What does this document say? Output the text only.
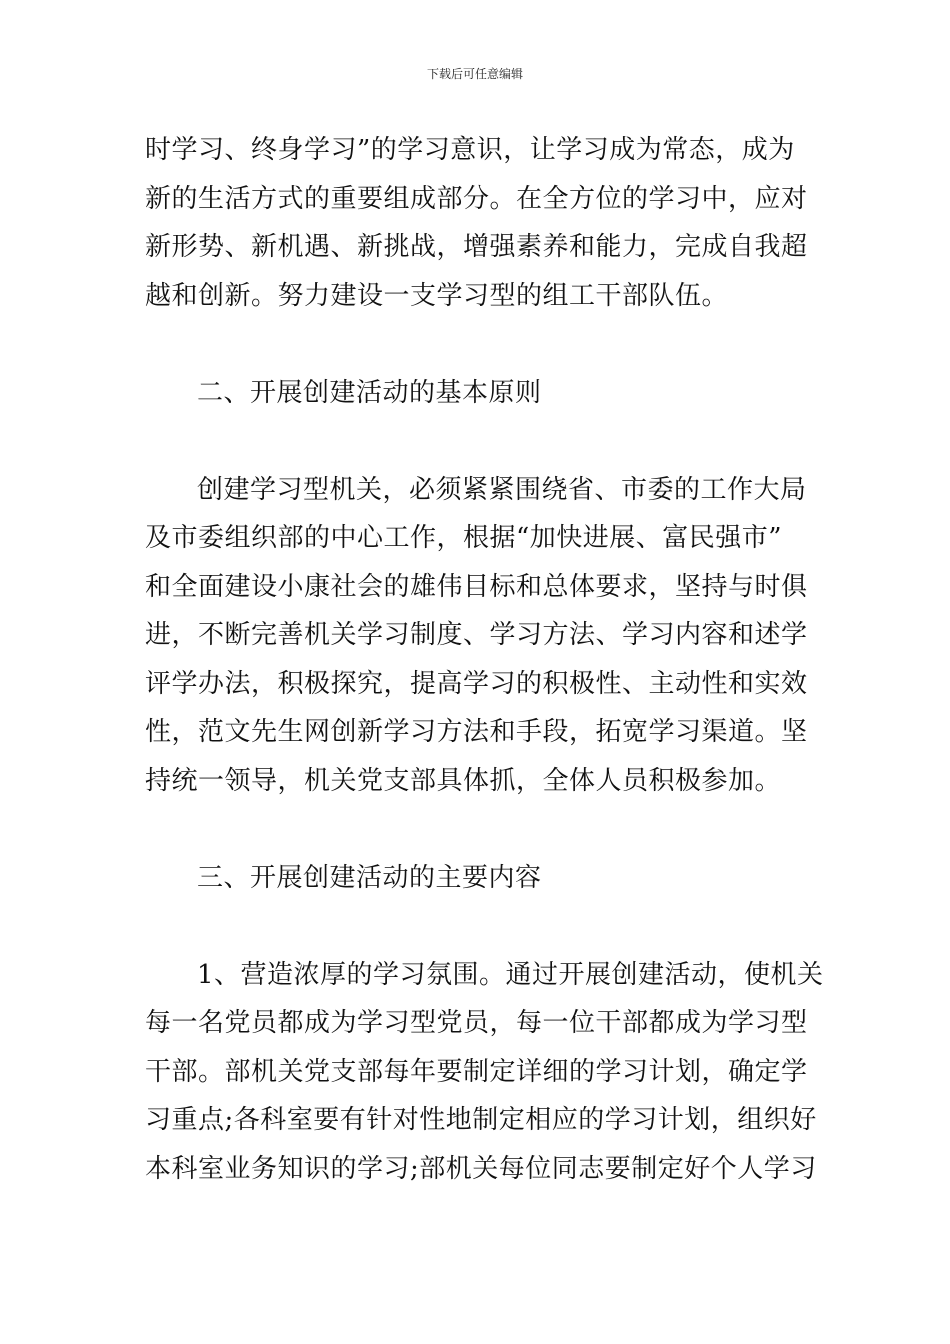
下载后可任意编辑

时学习、终身学习”的学习意识，让学习成为常态，成为
新的生活方式的重要组成部分。在全方位的学习中，应对
新形势、新机遇、新挑战，增强素养和能力，完成自我超
越和创新。努力建设一支学习型的组工干部队伍。

二、开展创建活动的基本原则

创建学习型机关，必须紧紧围绕省、市委的工作大局
及市委组织部的中心工作，根据“加快进展、富民强市”
和全面建设小康社会的雄伟目标和总体要求，坚持与时俱
进，不断完善机关学习制度、学习方法、学习内容和述学
评学办法，积极探究，提高学习的积极性、主动性和实效
性，范文先生网创新学习方法和手段，拓宽学习渠道。坚
持统一领导，机关党支部具体抓，全体人员积极参加。

三、开展创建活动的主要内容

1、营造浓厚的学习氛围。通过开展创建活动，使机关
每一名党员都成为学习型党员，每一位干部都成为学习型
干部。部机关党支部每年要制定详细的学习计划，确定学
习重点;各科室要有针对性地制定相应的学习计划，组织好
本科室业务知识的学习;部机关每位同志要制定好个人学习
